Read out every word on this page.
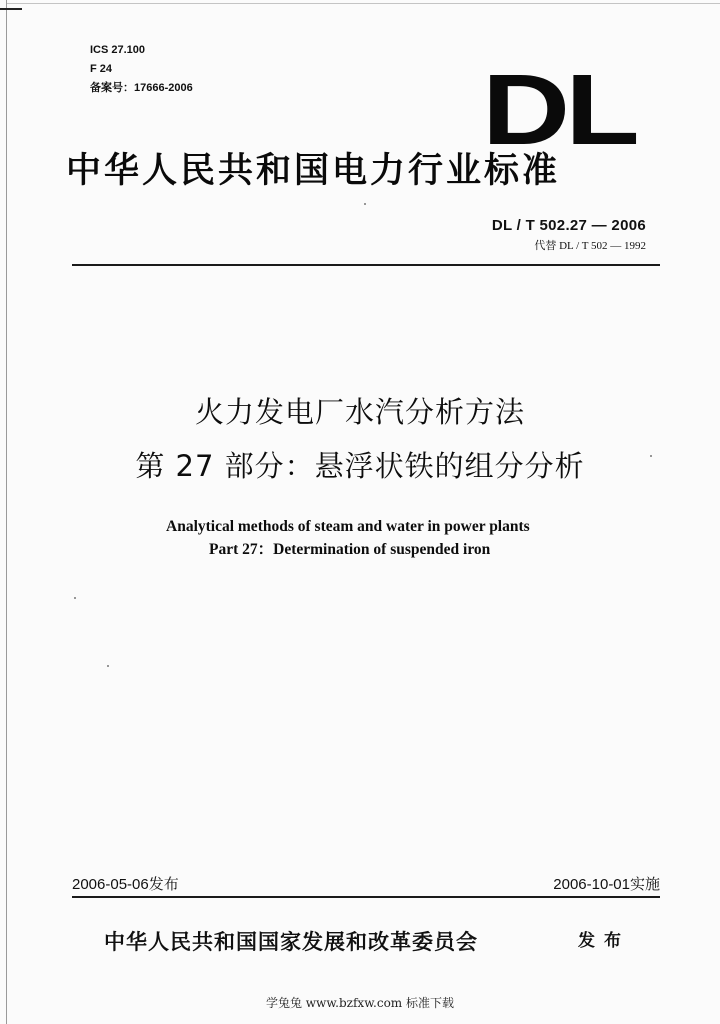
ICS 27.100
F 24
备案号：17666-2006	DL
中华人民共和国电力行业标准
DL / T 502.27 — 2006
代替 DL / T 502 — 1992
火力发电厂水汽分析方法
第 27 部分：悬浮状铁的组分分析
Analytical methods of steam and water in power plants
Part 27：Determination of suspended iron
2006-05-06发布	2006-10-01实施
中华人民共和国国家发展和改革委员会	发布
学兔兔 www.bzfxw.com 标准下载
